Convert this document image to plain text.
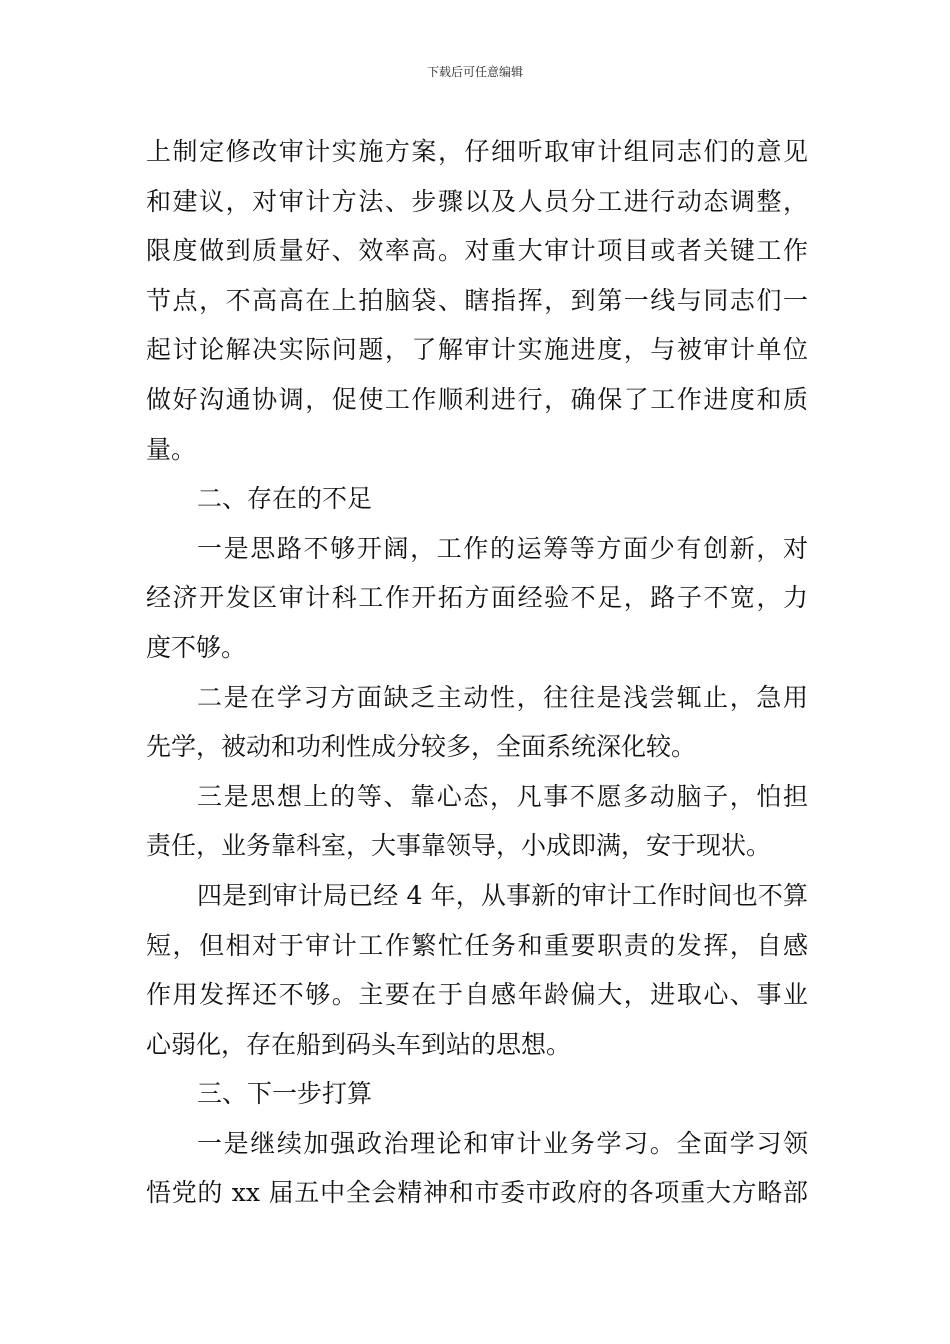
下载后可任意编辑
上制定修改审计实施方案，仔细听取审计组同志们的意见
和建议，对审计方法、步骤以及人员分工进行动态调整，
限度做到质量好、效率高。对重大审计项目或者关键工作
节点，不高高在上拍脑袋、瞎指挥，到第一线与同志们一
起讨论解决实际问题，了解审计实施进度，与被审计单位
做好沟通协调，促使工作顺利进行，确保了工作进度和质
量。
二、存在的不足
一是思路不够开阔，工作的运筹等方面少有创新，对
经济开发区审计科工作开拓方面经验不足，路子不宽，力
度不够。
二是在学习方面缺乏主动性，往往是浅尝辄止，急用
先学，被动和功利性成分较多，全面系统深化较。
三是思想上的等、靠心态，凡事不愿多动脑子，怕担
责任，业务靠科室，大事靠领导，小成即满，安于现状。
四是到审计局已经 4 年，从事新的审计工作时间也不算
短，但相对于审计工作繁忙任务和重要职责的发挥，自感
作用发挥还不够。主要在于自感年龄偏大，进取心、事业
心弱化，存在船到码头车到站的思想。
三、下一步打算
一是继续加强政治理论和审计业务学习。全面学习领
悟党的 xx 届五中全会精神和市委市政府的各项重大方略部
